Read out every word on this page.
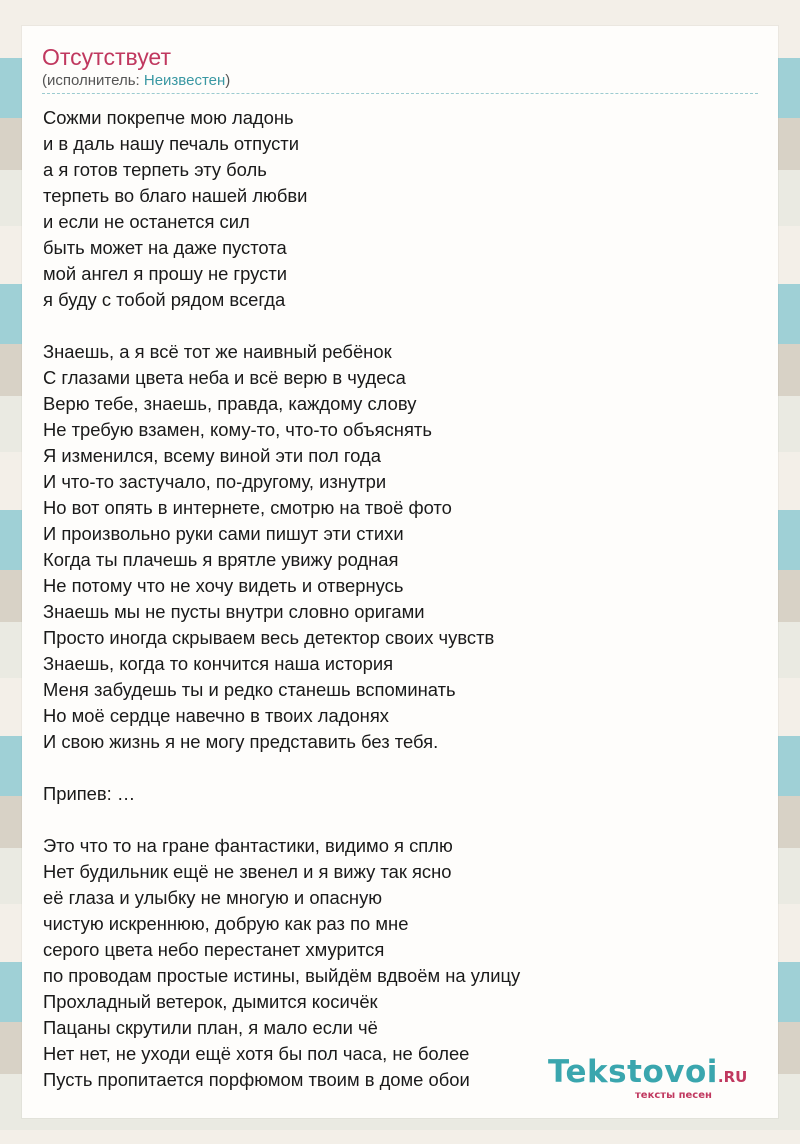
Отсутствует
(исполнитель: Неизвестен)
Сожми покрепче мою ладонь
и в даль нашу печаль отпусти
а я готов терпеть эту боль
терпеть во благо нашей любви
и если не останется сил
быть может на даже пустота
мой ангел я прошу не грусти
я буду с тобой рядом всегда
Знаешь, а я всё тот же наивный ребёнок
С глазами цвета неба и всё верю в чудеса
Верю тебе, знаешь, правда, каждому слову
Не требую взамен, кому-то, что-то объяснять
Я изменился, всему виной эти пол года
И что-то застучало, по-другому, изнутри
Но вот опять в интернете, смотрю на твоё фото
И произвольно руки сами пишут эти стихи
Когда ты плачешь я врятле увижу родная
Не потому что не хочу видеть и отвернусь
Знаешь мы не пусты внутри словно оригами
Просто иногда скрываем весь детектор своих чувств
Знаешь, когда то кончится наша история
Меня забудешь ты и редко станешь вспоминать
Но моё сердце навечно в твоих ладонях
И свою жизнь я не могу представить без тебя.
Припев: …
Это что то на гране фантастики, видимо я сплю
Нет будильник ещё не звенел и я вижу так ясно
её глаза и улыбку не многую и опасную
чистую искреннюю, добрую как раз по мне
серого цвета небо перестанет хмурится
по проводам простые истины, выйдём вдвоём на улицу
Прохладный ветерок, дымится косичёк
Пацаны скрутили план, я мало если чё
Нет нет, не уходи ещё хотя бы пол часа, не более
Пусть пропитается порфюмом твоим в доме обои	Tekstovoi.RU
тексты песен
